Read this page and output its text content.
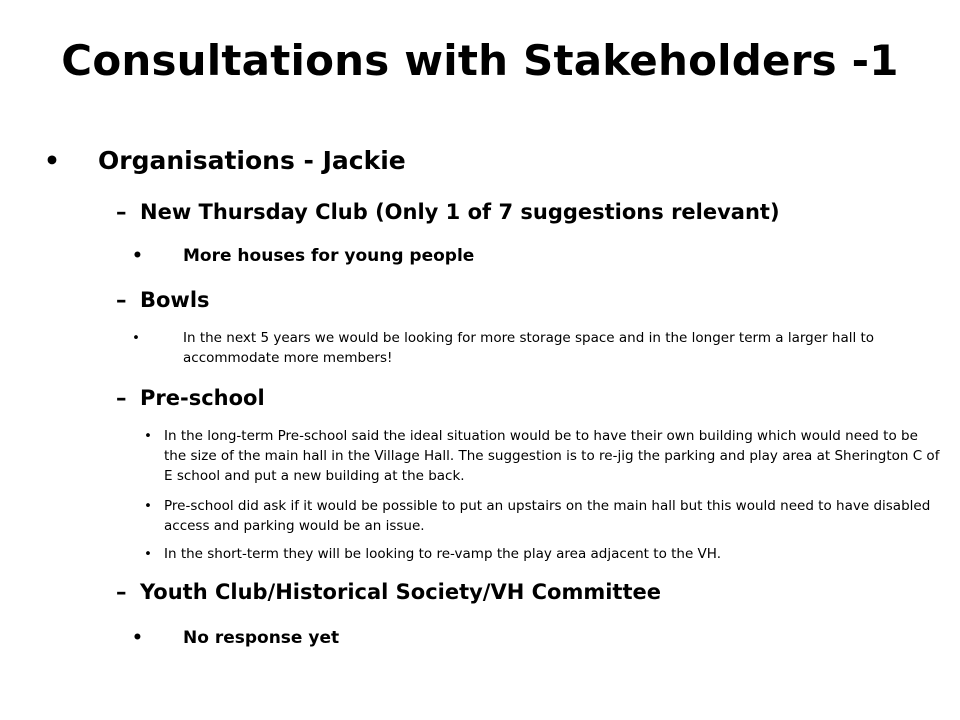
Consultations with Stakeholders -1
• Organisations - Jackie
– New Thursday Club (Only 1 of 7 suggestions relevant)
• More houses for young people
– Bowls
•	In the next 5 years we would be looking for more storage space and in the longer term a larger hall to accommodate more members!
– Pre-school
• In the long-term Pre-school said the ideal situation would be to have their own building which would need to be the size of the main hall in the Village Hall. The suggestion is to re-jig the parking and play area at Sherington C of E school and put a new building at the back.
• Pre-school did ask if it would be possible to put an upstairs on the main hall but this would need to have disabled access and parking would be an issue.
• In the short-term they will be looking to re-vamp the play area adjacent to the VH.
– Youth Club/Historical Society/VH Committee
• No response yet
